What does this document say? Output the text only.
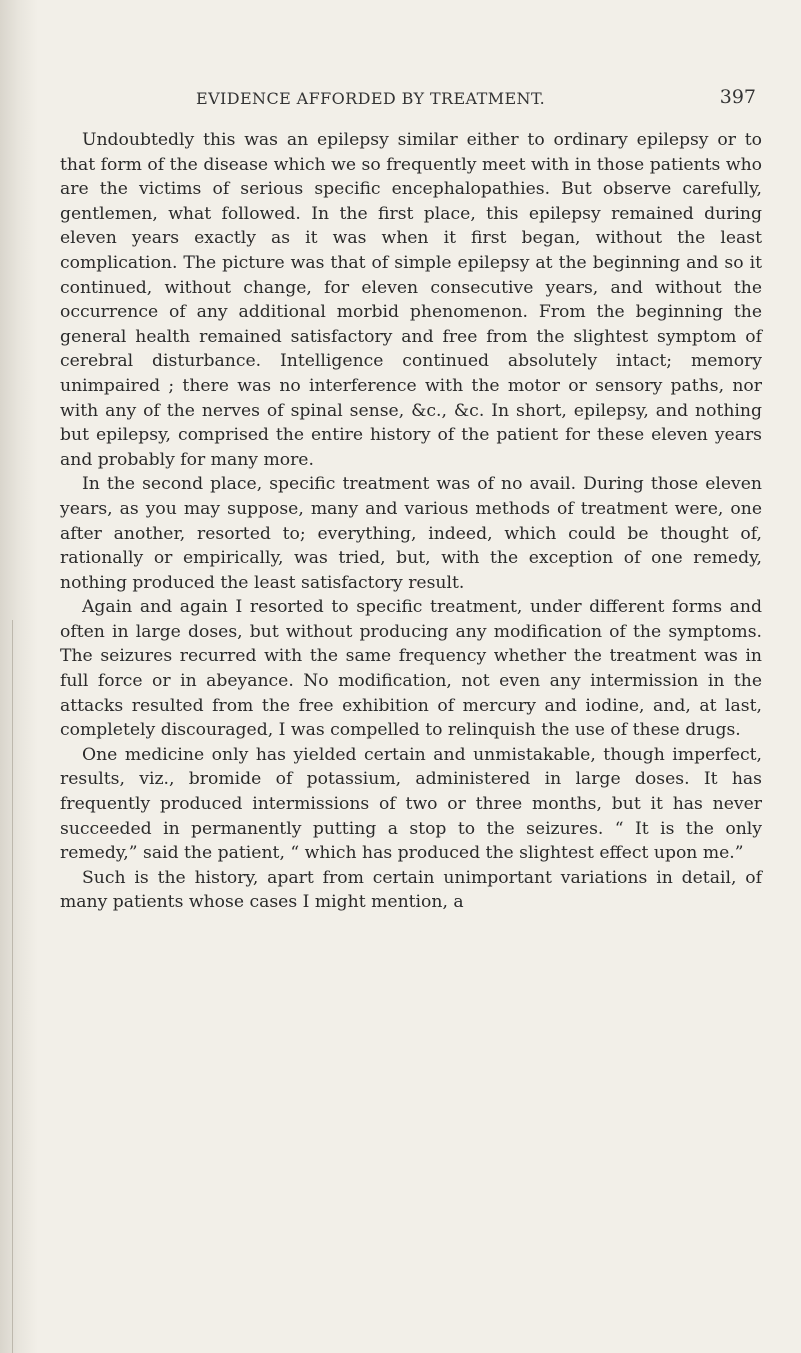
EVIDENCE AFFORDED BY TREATMENT.	397

Undoubtedly this was an epilepsy similar either to ordinary epilepsy or to that form of the disease which we so frequently meet with in those patients who are the victims of serious specific encephalopathies. But observe carefully, gentlemen, what followed. In the first place, this epilepsy remained during eleven years exactly as it was when it first began, without the least complication. The picture was that of simple epilepsy at the beginning and so it continued, without change, for eleven consecutive years, and without the occurrence of any additional morbid phenomenon. From the beginning the general health remained satisfactory and free from the slightest symptom of cerebral disturbance. Intelligence continued absolutely intact; memory unimpaired ; there was no interference with the motor or sensory paths, nor with any of the nerves of spinal sense, &c., &c. In short, epilepsy, and nothing but epilepsy, comprised the entire history of the patient for these eleven years and probably for many more.

In the second place, specific treatment was of no avail. During those eleven years, as you may suppose, many and various methods of treatment were, one after another, resorted to; everything, indeed, which could be thought of, rationally or empirically, was tried, but, with the exception of one remedy, nothing produced the least satisfactory result.

Again and again I resorted to specific treatment, under different forms and often in large doses, but without producing any modification of the symptoms. The seizures recurred with the same frequency whether the treatment was in full force or in abeyance. No modification, not even any intermission in the attacks resulted from the free exhibition of mercury and iodine, and, at last, completely discouraged, I was compelled to relinquish the use of these drugs.

One medicine only has yielded certain and unmistakable, though imperfect, results, viz., bromide of potassium, administered in large doses. It has frequently produced intermissions of two or three months, but it has never succeeded in permanently putting a stop to the seizures. “ It is the only remedy,” said the patient, “ which has produced the slightest effect upon me.”

Such is the history, apart from certain unimportant variations in detail, of many patients whose cases I might mention, a
